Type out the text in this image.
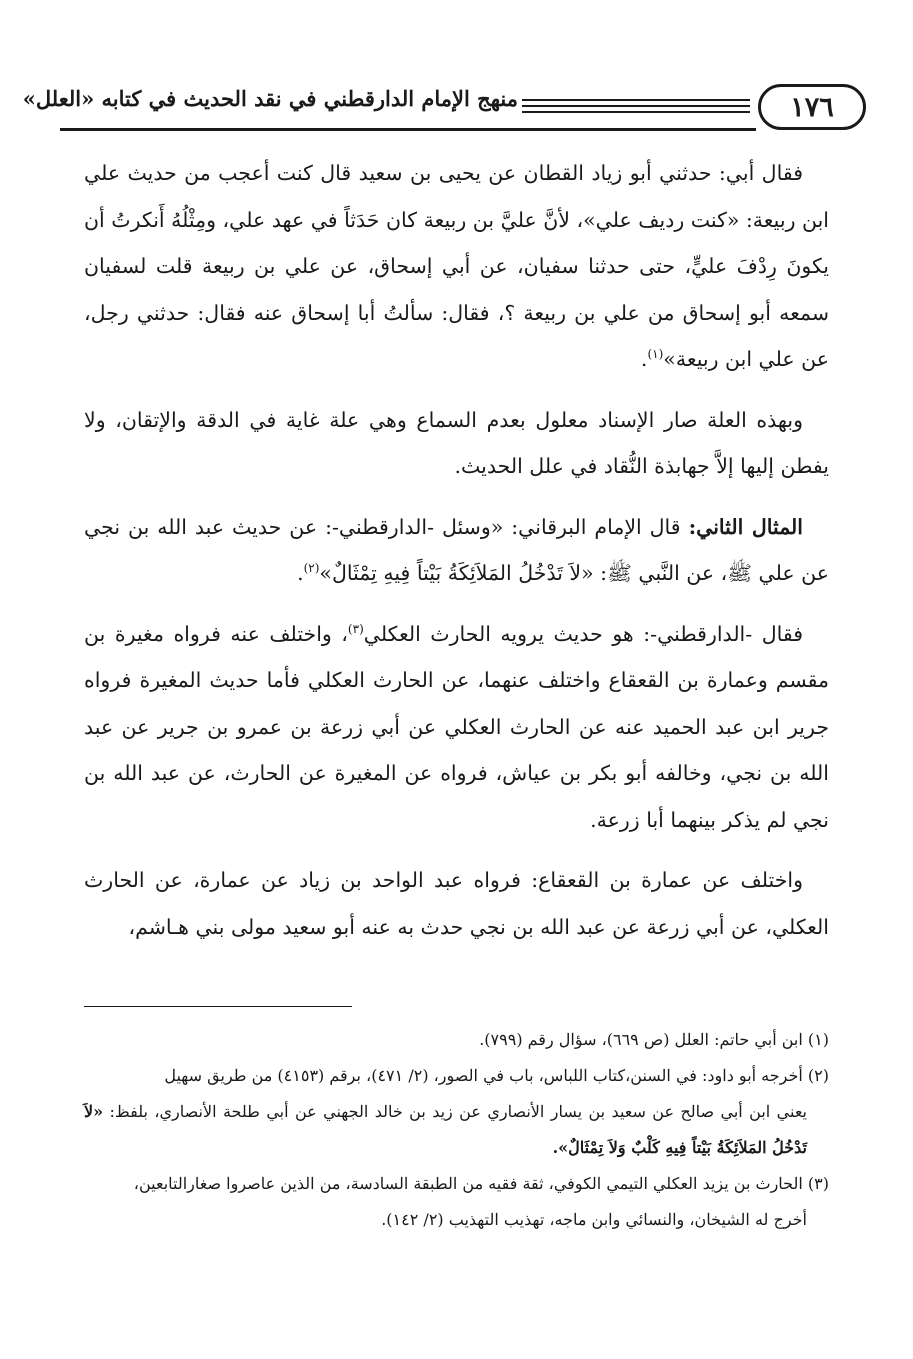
١٧٦
منهج الإمام الدارقطني في نقد الحديث في كتابه «العلل»

فقال أبي: حدثني أبو زياد القطان عن يحيى بن سعيد قال كنت أعجب من حديث علي ابن ربيعة: «كنت رديف علي»، لأنَّ عليَّ بن ربيعة كان حَدَثاً في عهد علي، ومِثْلُهُ أَنكرتُ أن يكونَ رِدْفَ عليٍّ، حتى حدثنا سفيان، عن أبي إسحاق، عن علي بن ربيعة قلت لسفيان سمعه أبو إسحاق من علي بن ربيعة ؟، فقال: سألتُ أبا إسحاق عنه فقال: حدثني رجل، عن علي ابن ربيعة»$^{(١)}$.

وبهذه العلة صار الإسناد معلول بعدم السماع وهي علة غاية في الدقة والإتقان، ولا يفطن إليها إلاَّ جهابذة النُّقاد في علل الحديث.

المثال الثاني: قال الإمام البرقاني: «وسئل -الدارقطني-: عن حديث عبد الله بن نجي عن علي ﷺ، عن النَّبي ﷺ: «لاَ تَدْخُلُ المَلاَئِكَةُ بَيْتاً فِيهِ تِمْثَالٌ»$^{(٢)}$.

فقال -الدارقطني-: هو حديث يرويه الحارث العكلي$^{(٣)}$، واختلف عنه فرواه مغيرة بن مقسم وعمارة بن القعقاع واختلف عنهما، عن الحارث العكلي فأما حديث المغيرة فرواه جرير ابن عبد الحميد عنه عن الحارث العكلي عن أبي زرعة بن عمرو بن جرير عن عبد الله بن نجي، وخالفه أبو بكر بن عياش، فرواه عن المغيرة عن الحارث، عن عبد الله بن نجي لم يذكر بينهما أبا زرعة.

واختلف عن عمارة بن القعقاع: فرواه عبد الواحد بن زياد عن عمارة، عن الحارث العكلي، عن أبي زرعة عن عبد الله بن نجي حدث به عنه أبو سعيد مولى بني هـاشم،

(١) ابن أبي حاتم: العلل (ص ٦٦٩)، سؤال رقم (٧٩٩).

(٢) أخرجه أبو داود: في السنن،كتاب اللباس، باب في الصور، (٢/ ٤٧١)، برقم (٤١٥٣) من طريق سهيل
يعني ابن أبي صالح عن سعيد بن يسار الأنصاري عن زيد بن خالد الجهني عن أبي طلحة الأنصاري، بلفظ: «لاَ تَدْخُلُ المَلاَئِكَةُ بَيْتاً فِيهِ كَلْبٌ وَلاَ تِمْثَالٌ».

(٣) الحارث بن يزيد العكلي التيمي الكوفي، ثقة فقيه من الطبقة السادسة، من الذين عاصروا صغارالتابعين،
أخرج له الشيخان، والنسائي وابن ماجه، تهذيب التهذيب (٢/ ١٤٢).
